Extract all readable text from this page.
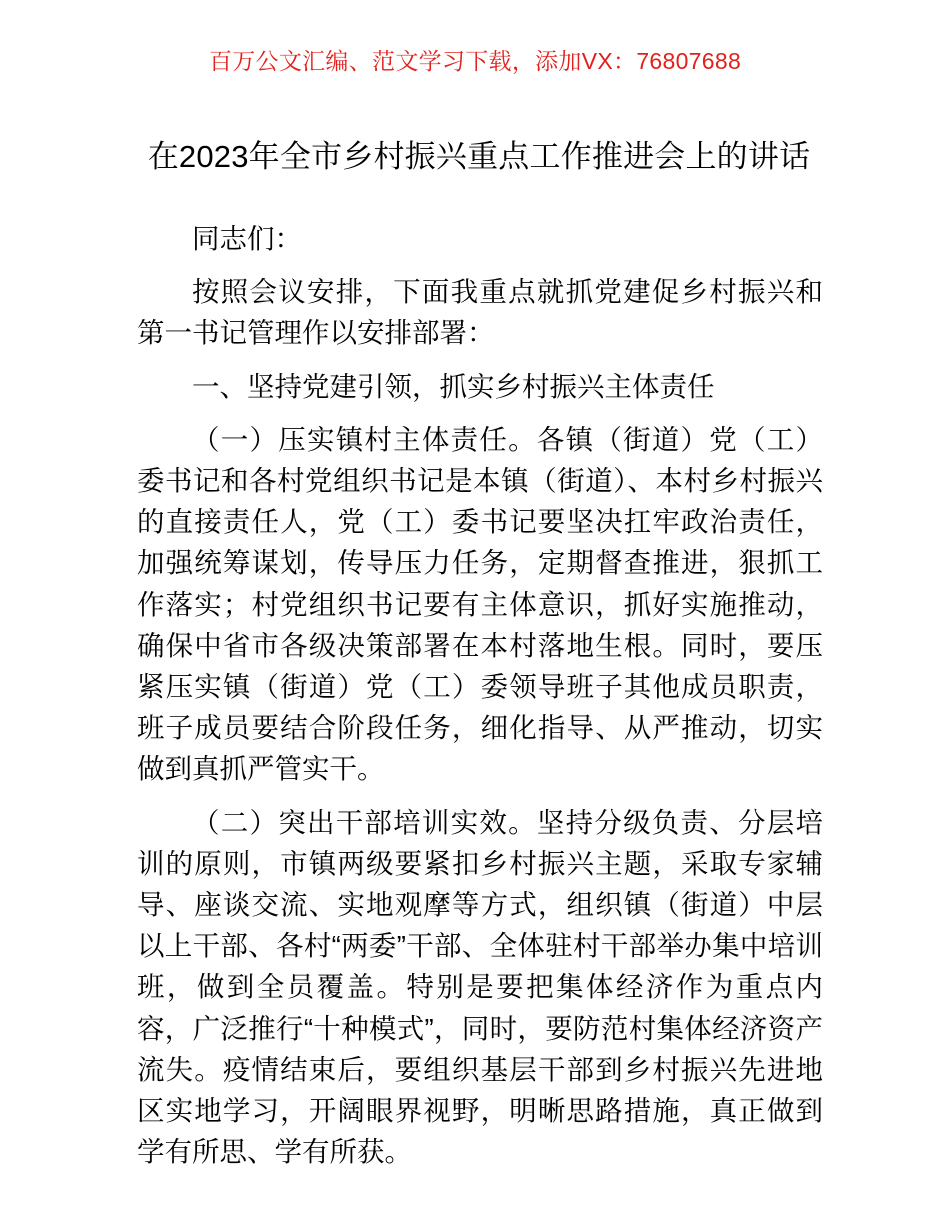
百万公文汇编、范文学习下载，添加VX：76807688
在2023年全市乡村振兴重点工作推进会上的讲话

同志们：

按照会议安排，下面我重点就抓党建促乡村振兴和第一书记管理作以安排部署：

一、坚持党建引领，抓实乡村振兴主体责任

（一）压实镇村主体责任。各镇（街道）党（工）委书记和各村党组织书记是本镇（街道）、本村乡村振兴的直接责任人，党（工）委书记要坚决扛牢政治责任，加强统筹谋划，传导压力任务，定期督查推进，狠抓工作落实；村党组织书记要有主体意识，抓好实施推动，确保中省市各级决策部署在本村落地生根。同时，要压紧压实镇（街道）党（工）委领导班子其他成员职责，班子成员要结合阶段任务，细化指导、从严推动，切实做到真抓严管实干。

（二）突出干部培训实效。坚持分级负责、分层培训的原则，市镇两级要紧扣乡村振兴主题，采取专家辅导、座谈交流、实地观摩等方式，组织镇（街道）中层以上干部、各村“两委”干部、全体驻村干部举办集中培训班，做到全员覆盖。特别是要把集体经济作为重点内容，广泛推行“十种模式”，同时，要防范村集体经济资产流失。疫情结束后，要组织基层干部到乡村振兴先进地区实地学习，开阔眼界视野，明晰思路措施，真正做到学有所思、学有所获。
